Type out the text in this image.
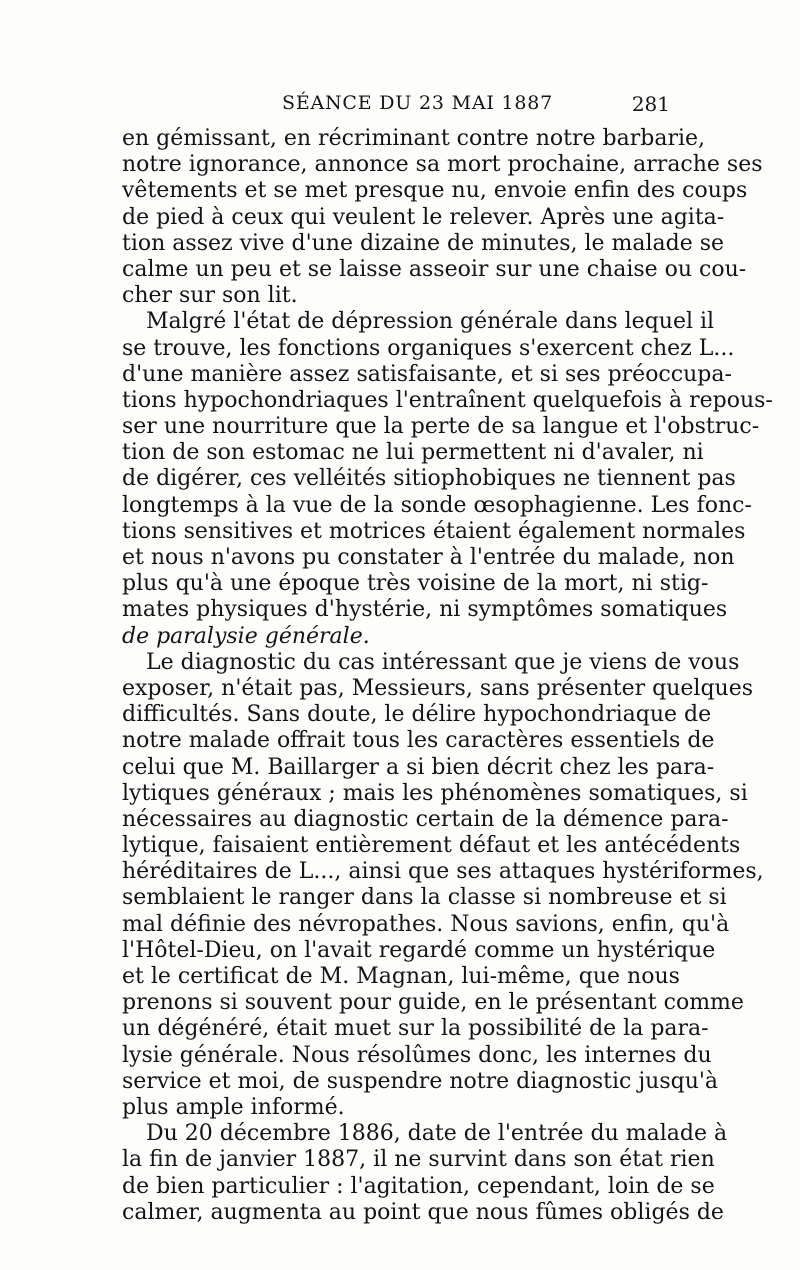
SÉANCE DU 23 MAI 1887	281
en gémissant, en récriminant contre notre barbarie,
notre ignorance, annonce sa mort prochaine, arrache ses
vêtements et se met presque nu, envoie enfin des coups
de pied à ceux qui veulent le relever. Après une agita-
tion assez vive d'une dizaine de minutes, le malade se
calme un peu et se laisse asseoir sur une chaise ou cou-
cher sur son lit.
Malgré l'état de dépression générale dans lequel il
se trouve, les fonctions organiques s'exercent chez L...
d'une manière assez satisfaisante, et si ses préoccupa-
tions hypochondriaques l'entraînent quelquefois à repous-
ser une nourriture que la perte de sa langue et l'obstruc-
tion de son estomac ne lui permettent ni d'avaler, ni
de digérer, ces velléités sitiophobiques ne tiennent pas
longtemps à la vue de la sonde œsophagienne. Les fonc-
tions sensitives et motrices étaient également normales
et nous n'avons pu constater à l'entrée du malade, non
plus qu'à une époque très voisine de la mort, ni stig-
mates physiques d'hystérie, ni symptômes somatiques
de paralysie générale.
Le diagnostic du cas intéressant que je viens de vous
exposer, n'était pas, Messieurs, sans présenter quelques
difficultés. Sans doute, le délire hypochondriaque de
notre malade offrait tous les caractères essentiels de
celui que M. Baillarger a si bien décrit chez les para-
lytiques généraux ; mais les phénomènes somatiques, si
nécessaires au diagnostic certain de la démence para-
lytique, faisaient entièrement défaut et les antécédents
héréditaires de L..., ainsi que ses attaques hystériformes,
semblaient le ranger dans la classe si nombreuse et si
mal définie des névropathes. Nous savions, enfin, qu'à
l'Hôtel-Dieu, on l'avait regardé comme un hystérique
et le certificat de M. Magnan, lui-même, que nous
prenons si souvent pour guide, en le présentant comme
un dégénéré, était muet sur la possibilité de la para-
lysie générale. Nous résolûmes donc, les internes du
service et moi, de suspendre notre diagnostic jusqu'à
plus ample informé.
Du 20 décembre 1886, date de l'entrée du malade à
la fin de janvier 1887, il ne survint dans son état rien
de bien particulier : l'agitation, cependant, loin de se
calmer, augmenta au point que nous fûmes obligés de
